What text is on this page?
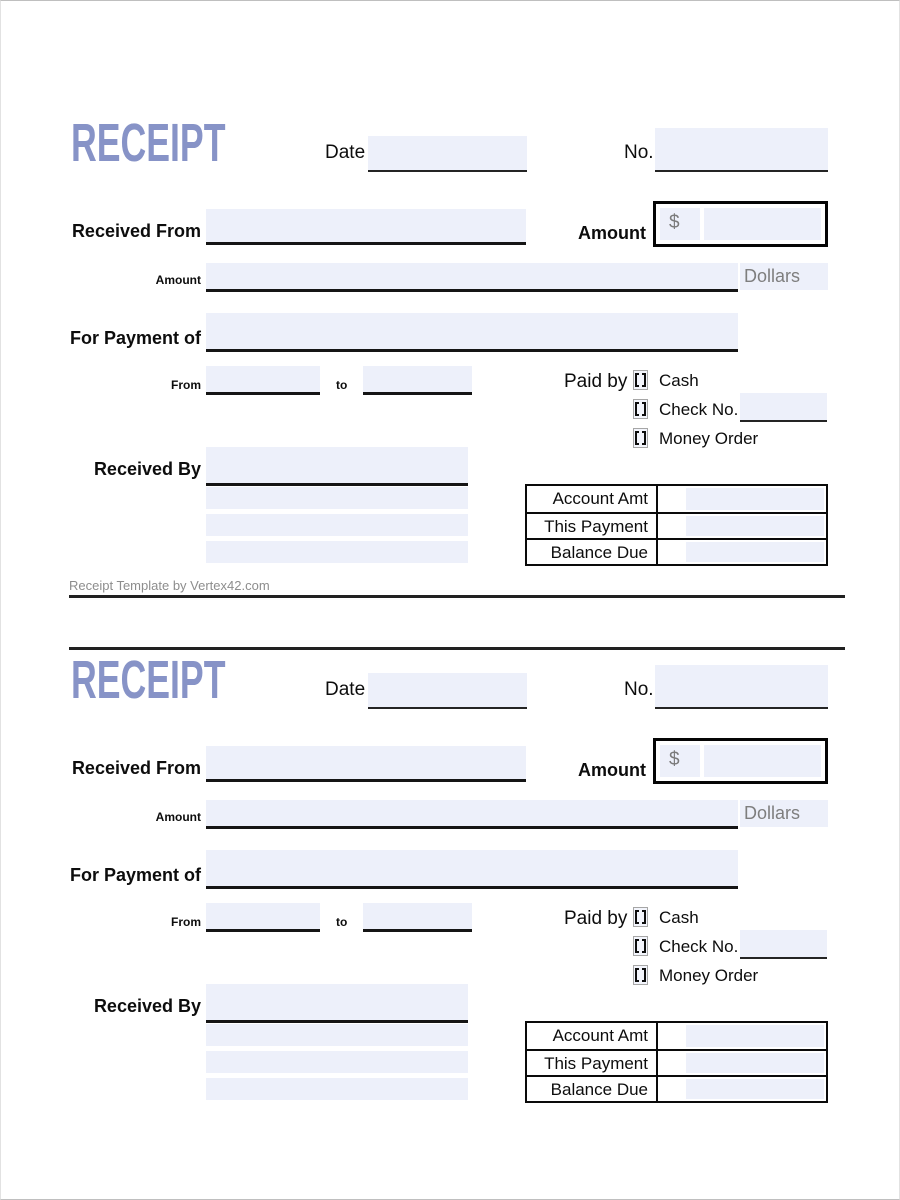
Receipt Template by Vertex42.com
RECEIPT	Date	No.
Received From	Amount	$
Amount	Dollars
For Payment of
From	to	Paid by Cash
Check No.
Money Order
Received By
Account Amt
This Payment
Balance Due
RECEIPT	Date	No.
Received From	Amount	$
Amount	Dollars
For Payment of
From	to	Paid by Cash
Check No.
Money Order
Received By
Account Amt
This Payment
Balance Due
